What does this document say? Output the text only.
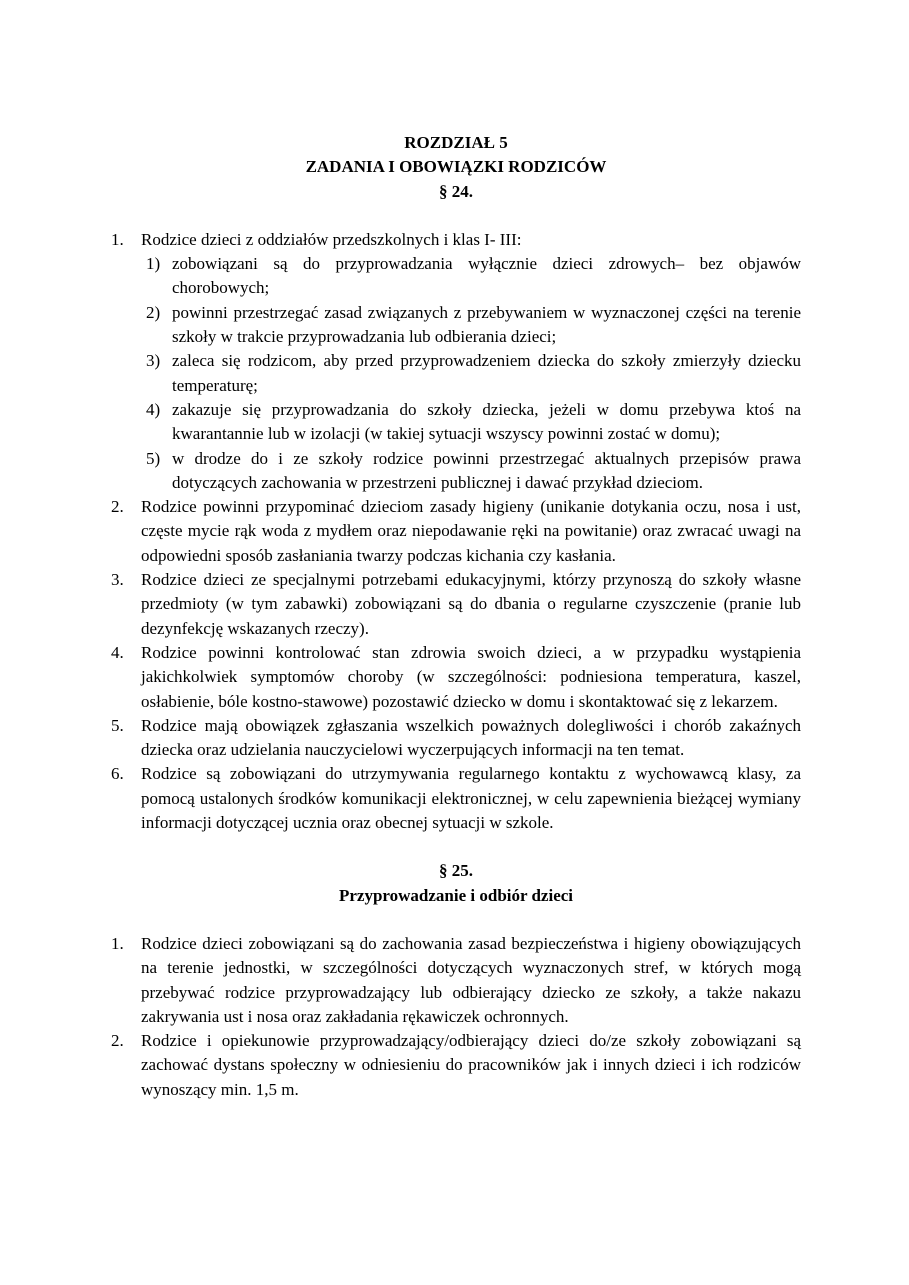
ROZDZIAŁ 5
ZADANIA I OBOWIĄZKI RODZICÓW
§ 24.
1. Rodzice dzieci z oddziałów przedszkolnych i klas I- III:
1) zobowiązani są do przyprowadzania wyłącznie dzieci zdrowych– bez objawów chorobowych;
2) powinni przestrzegać zasad związanych z przebywaniem w wyznaczonej części na terenie szkoły w trakcie przyprowadzania lub odbierania dzieci;
3) zaleca się rodzicom, aby przed przyprowadzeniem dziecka do szkoły zmierzyły dziecku temperaturę;
4) zakazuje się przyprowadzania do szkoły dziecka, jeżeli w domu przebywa ktoś na kwarantannie lub w izolacji (w takiej sytuacji wszyscy powinni zostać w domu);
5) w drodze do i ze szkoły rodzice powinni przestrzegać aktualnych przepisów prawa dotyczących zachowania w przestrzeni publicznej i dawać przykład dzieciom.
2. Rodzice powinni przypominać dzieciom zasady higieny (unikanie dotykania oczu, nosa i ust, częste mycie rąk woda z mydłem oraz niepodawanie ręki na powitanie) oraz zwracać uwagi na odpowiedni sposób zasłaniania twarzy podczas kichania czy kasłania.
3. Rodzice dzieci ze specjalnymi potrzebami edukacyjnymi, którzy przynoszą do szkoły własne przedmioty (w tym zabawki) zobowiązani są do dbania o regularne czyszczenie (pranie lub dezynfekcję wskazanych rzeczy).
4. Rodzice powinni kontrolować stan zdrowia swoich dzieci, a w przypadku wystąpienia jakichkolwiek symptomów choroby (w szczególności: podniesiona temperatura, kaszel, osłabienie, bóle kostno-stawowe) pozostawić dziecko w domu i skontaktować się z lekarzem.
5. Rodzice mają obowiązek zgłaszania wszelkich poważnych dolegliwości i chorób zakaźnych dziecka oraz udzielania nauczycielowi wyczerpujących informacji na ten temat.
6. Rodzice są zobowiązani do utrzymywania regularnego kontaktu z wychowawcą klasy, za pomocą ustalonych środków komunikacji elektronicznej, w celu zapewnienia bieżącej wymiany informacji dotyczącej ucznia oraz obecnej sytuacji w szkole.
§ 25.
Przyprowadzanie i odbiór dzieci
1. Rodzice dzieci zobowiązani są do zachowania zasad bezpieczeństwa i higieny obowiązujących na terenie jednostki, w szczególności dotyczących wyznaczonych stref, w których mogą przebywać rodzice przyprowadzający lub odbierający dziecko ze szkoły, a także nakazu zakrywania ust i nosa oraz zakładania rękawiczek ochronnych.
2. Rodzice i opiekunowie przyprowadzający/odbierający dzieci do/ze szkoły zobowiązani są zachować dystans społeczny w odniesieniu do pracowników jak i innych dzieci i ich rodziców wynoszący min. 1,5 m.
